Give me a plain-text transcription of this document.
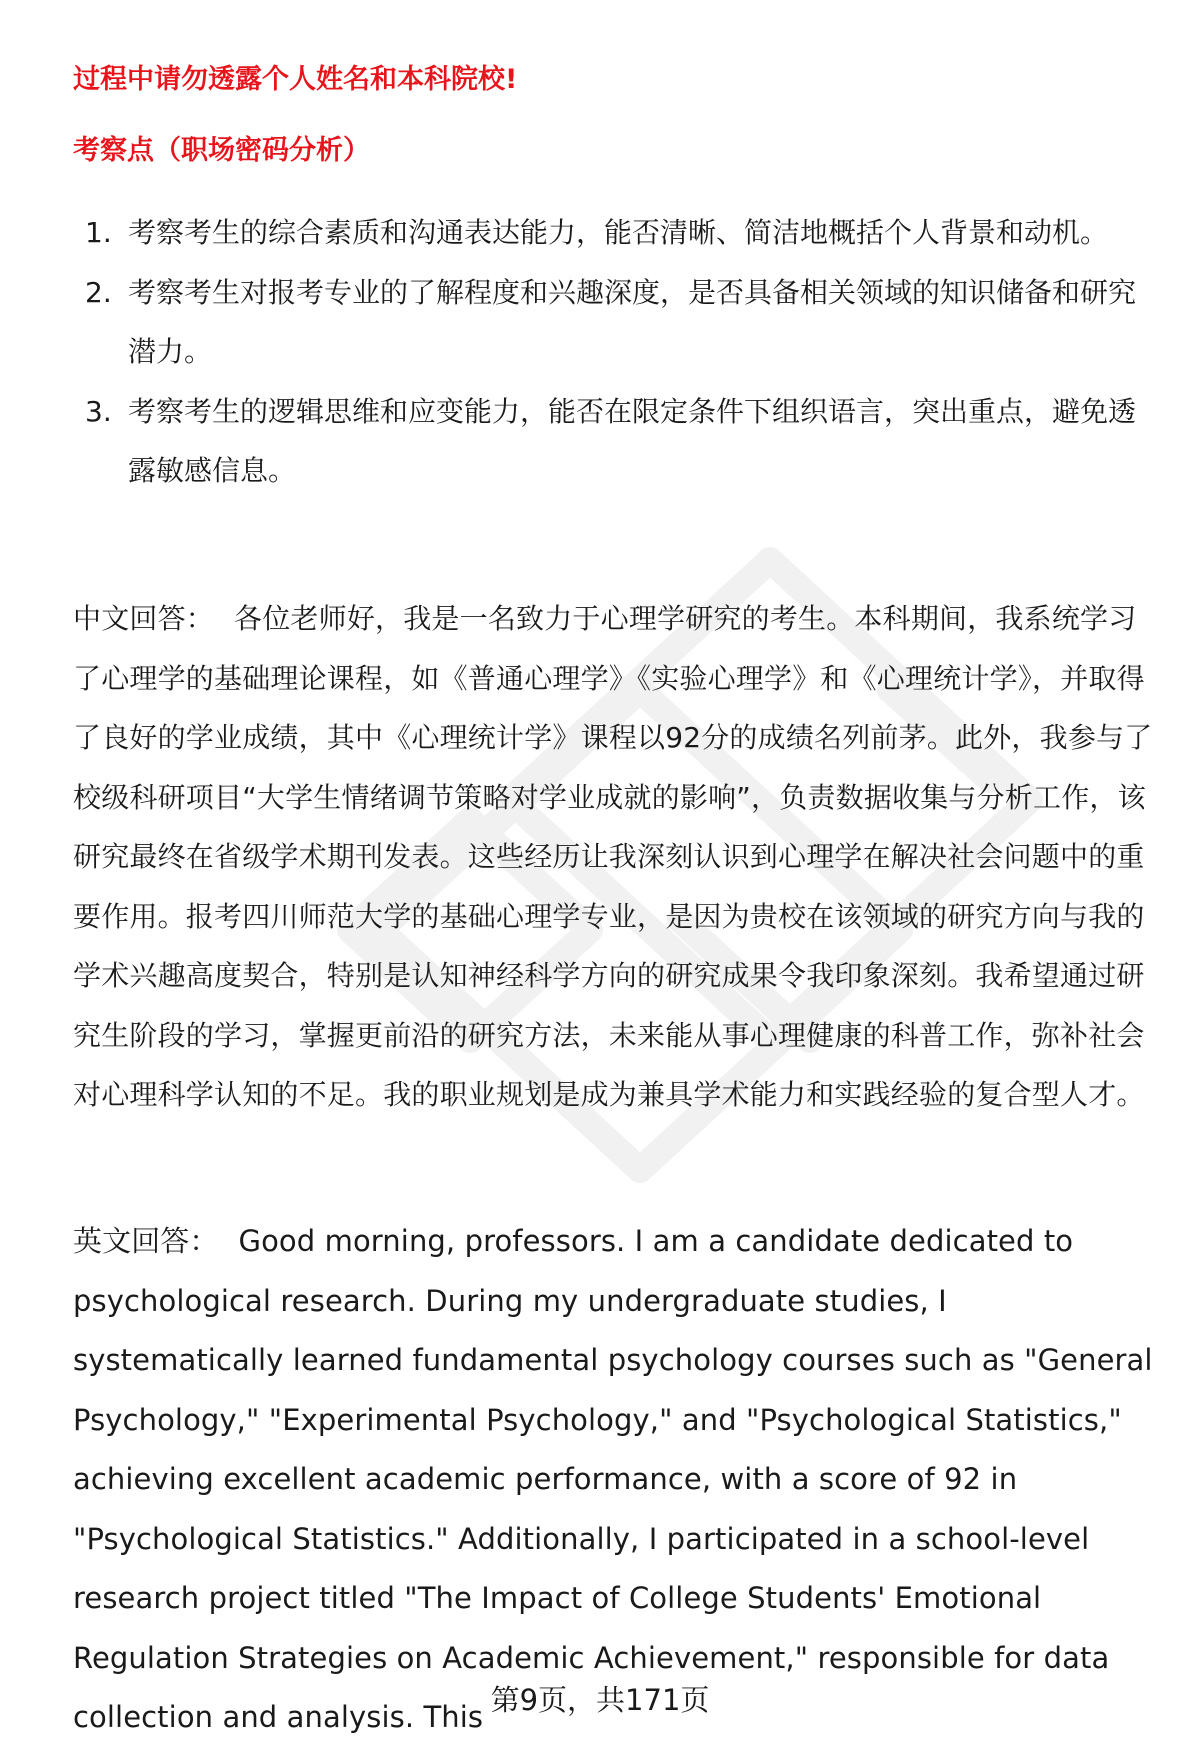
过程中请勿透露个人姓名和本科院校!
考察点（职场密码分析）
1. 考察考生的综合素质和沟通表达能力，能否清晰、简洁地概括个人背景和动机。
2. 考察考生对报考专业的了解程度和兴趣深度，是否具备相关领域的知识储备和研究潜力。
3. 考察考生的逻辑思维和应变能力，能否在限定条件下组织语言，突出重点，避免透露敏感信息。

中文回答： 各位老师好，我是一名致力于心理学研究的考生。本科期间，我系统学习了心理学的基础理论课程，如《普通心理学》《实验心理学》和《心理统计学》，并取得了良好的学业成绩，其中《心理统计学》课程以92分的成绩名列前茅。此外，我参与了校级科研项目“大学生情绪调节策略对学业成就的影响”，负责数据收集与分析工作，该研究最终在省级学术期刊发表。这些经历让我深刻认识到心理学在解决社会问题中的重要作用。报考四川师范大学的基础心理学专业，是因为贵校在该领域的研究方向与我的学术兴趣高度契合，特别是认知神经科学方向的研究成果令我印象深刻。我希望通过研究生阶段的学习，掌握更前沿的研究方法，未来能从事心理健康的科普工作，弥补社会对心理科学认知的不足。我的职业规划是成为兼具学术能力和实践经验的复合型人才。

英文回答： Good morning, professors. I am a candidate dedicated to psychological research. During my undergraduate studies, I systematically learned fundamental psychology courses such as "General Psychology," "Experimental Psychology," and "Psychological Statistics," achieving excellent academic performance, with a score of 92 in "Psychological Statistics." Additionally, I participated in a school-level research project titled "The Impact of College Students' Emotional Regulation Strategies on Academic Achievement," responsible for data collection and analysis. This 第9页，共171页
